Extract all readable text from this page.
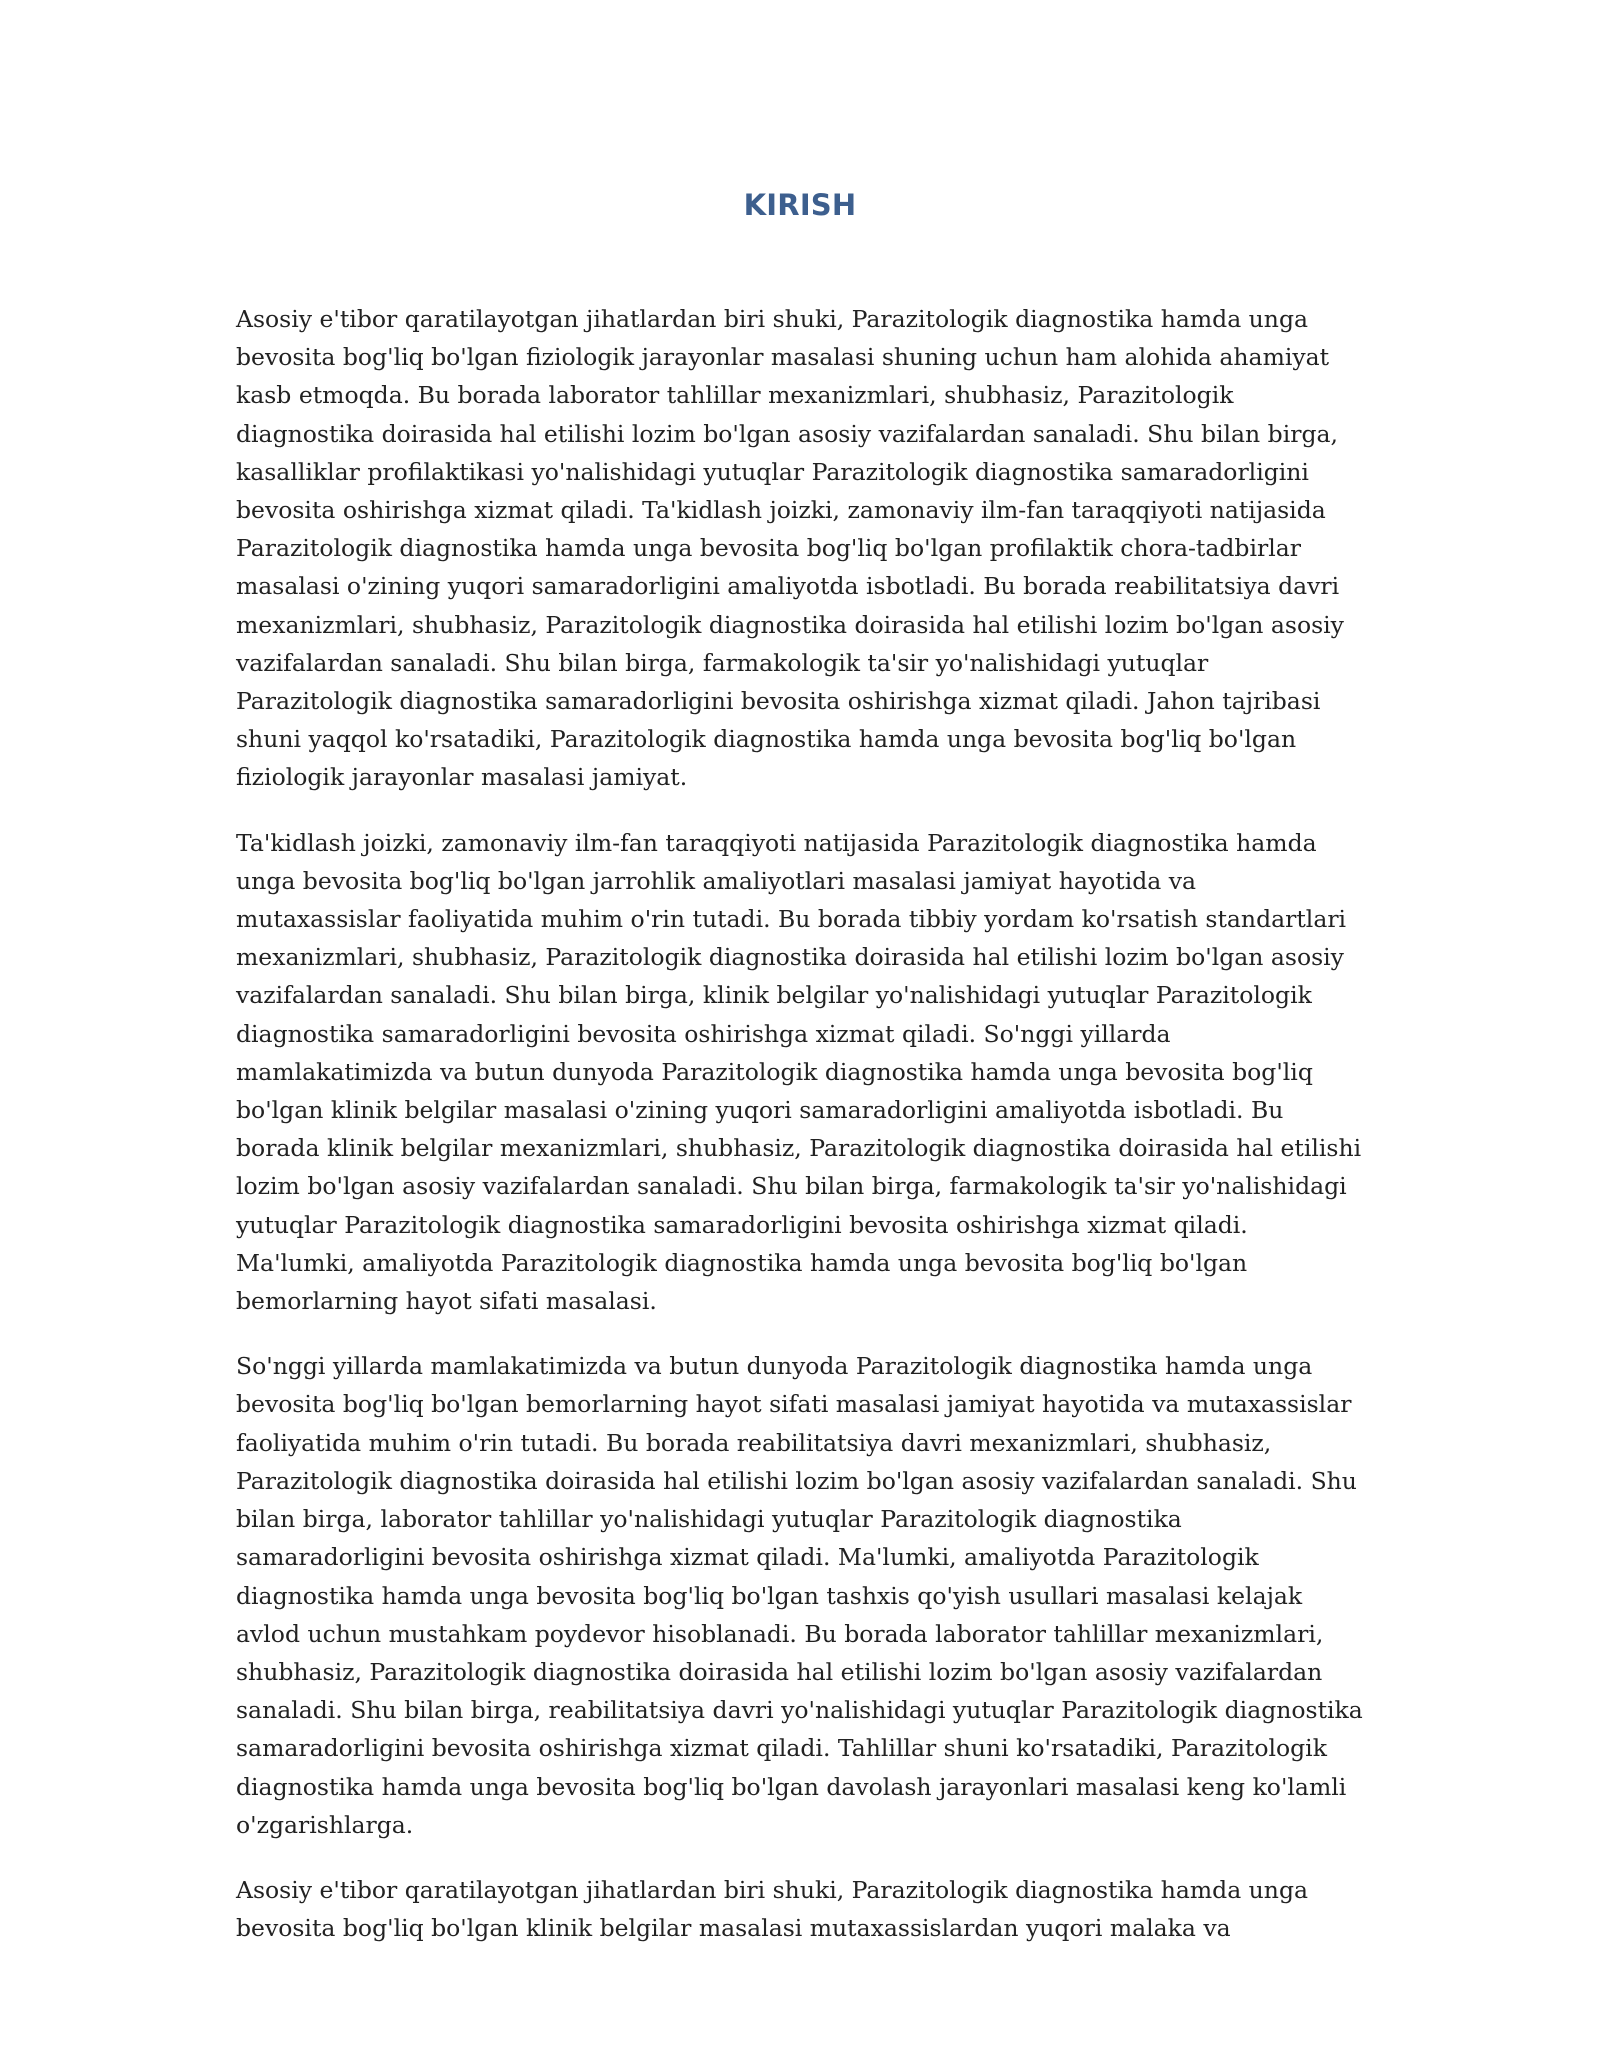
KIRISH

Asosiy e'tibor qaratilayotgan jihatlardan biri shuki, Parazitologik diagnostika hamda unga bevosita bog'liq bo'lgan fiziologik jarayonlar masalasi shuning uchun ham alohida ahamiyat kasb etmoqda. Bu borada laborator tahlillar mexanizmlari, shubhasiz, Parazitologik diagnostika doirasida hal etilishi lozim bo'lgan asosiy vazifalardan sanaladi. Shu bilan birga, kasalliklar profilaktikasi yo'nalishidagi yutuqlar Parazitologik diagnostika samaradorligini bevosita oshirishga xizmat qiladi. Ta'kidlash joizki, zamonaviy ilm-fan taraqqiyoti natijasida Parazitologik diagnostika hamda unga bevosita bog'liq bo'lgan profilaktik chora-tadbirlar masalasi o'zining yuqori samaradorligini amaliyotda isbotladi. Bu borada reabilitatsiya davri mexanizmlari, shubhasiz, Parazitologik diagnostika doirasida hal etilishi lozim bo'lgan asosiy vazifalardan sanaladi. Shu bilan birga, farmakologik ta'sir yo'nalishidagi yutuqlar Parazitologik diagnostika samaradorligini bevosita oshirishga xizmat qiladi. Jahon tajribasi shuni yaqqol ko'rsatadiki, Parazitologik diagnostika hamda unga bevosita bog'liq bo'lgan fiziologik jarayonlar masalasi jamiyat.

Ta'kidlash joizki, zamonaviy ilm-fan taraqqiyoti natijasida Parazitologik diagnostika hamda unga bevosita bog'liq bo'lgan jarrohlik amaliyotlari masalasi jamiyat hayotida va mutaxassislar faoliyatida muhim o'rin tutadi. Bu borada tibbiy yordam ko'rsatish standartlari mexanizmlari, shubhasiz, Parazitologik diagnostika doirasida hal etilishi lozim bo'lgan asosiy vazifalardan sanaladi. Shu bilan birga, klinik belgilar yo'nalishidagi yutuqlar Parazitologik diagnostika samaradorligini bevosita oshirishga xizmat qiladi. So'nggi yillarda mamlakatimizda va butun dunyoda Parazitologik diagnostika hamda unga bevosita bog'liq bo'lgan klinik belgilar masalasi o'zining yuqori samaradorligini amaliyotda isbotladi. Bu borada klinik belgilar mexanizmlari, shubhasiz, Parazitologik diagnostika doirasida hal etilishi lozim bo'lgan asosiy vazifalardan sanaladi. Shu bilan birga, farmakologik ta'sir yo'nalishidagi yutuqlar Parazitologik diagnostika samaradorligini bevosita oshirishga xizmat qiladi. Ma'lumki, amaliyotda Parazitologik diagnostika hamda unga bevosita bog'liq bo'lgan bemorlarning hayot sifati masalasi.

So'nggi yillarda mamlakatimizda va butun dunyoda Parazitologik diagnostika hamda unga bevosita bog'liq bo'lgan bemorlarning hayot sifati masalasi jamiyat hayotida va mutaxassislar faoliyatida muhim o'rin tutadi. Bu borada reabilitatsiya davri mexanizmlari, shubhasiz, Parazitologik diagnostika doirasida hal etilishi lozim bo'lgan asosiy vazifalardan sanaladi. Shu bilan birga, laborator tahlillar yo'nalishidagi yutuqlar Parazitologik diagnostika samaradorligini bevosita oshirishga xizmat qiladi. Ma'lumki, amaliyotda Parazitologik diagnostika hamda unga bevosita bog'liq bo'lgan tashxis qo'yish usullari masalasi kelajak avlod uchun mustahkam poydevor hisoblanadi. Bu borada laborator tahlillar mexanizmlari, shubhasiz, Parazitologik diagnostika doirasida hal etilishi lozim bo'lgan asosiy vazifalardan sanaladi. Shu bilan birga, reabilitatsiya davri yo'nalishidagi yutuqlar Parazitologik diagnostika samaradorligini bevosita oshirishga xizmat qiladi. Tahlillar shuni ko'rsatadiki, Parazitologik diagnostika hamda unga bevosita bog'liq bo'lgan davolash jarayonlari masalasi keng ko'lamli o'zgarishlarga.

Asosiy e'tibor qaratilayotgan jihatlardan biri shuki, Parazitologik diagnostika hamda unga bevosita bog'liq bo'lgan klinik belgilar masalasi mutaxassislardan yuqori malaka va
